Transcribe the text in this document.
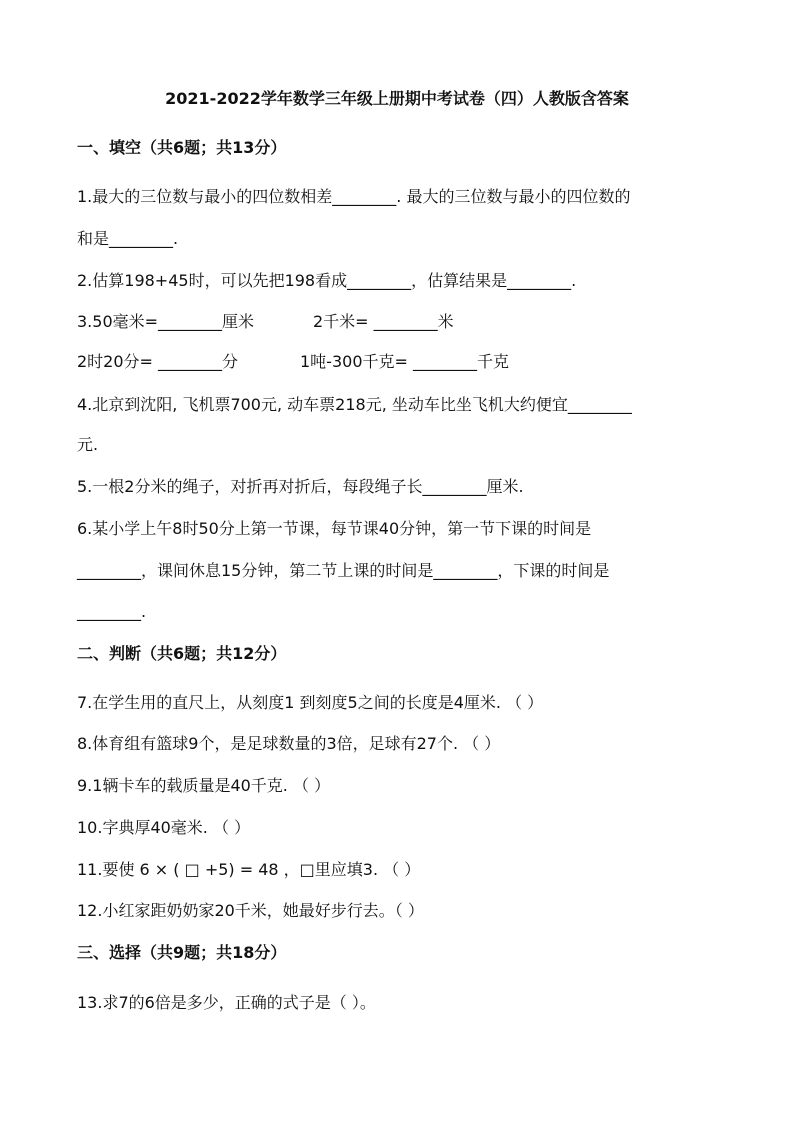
2021-2022学年数学三年级上册期中考试卷（四）人教版含答案
一、填空（共6题；共13分）
1.最大的三位数与最小的四位数相差________. 最大的三位数与最小的四位数的
和是________.
2.估算198+45时，可以先把198看成________，估算结果是________.
3.50毫米=________厘米	2千米= ________米
2时20分= ________分	1吨-300千克= ________千克
4.北京到沈阳, 飞机票700元, 动车票218元, 坐动车比坐飞机大约便宜________
元.
5.一根2分米的绳子，对折再对折后，每段绳子长________厘米.
6.某小学上午8时50分上第一节课，每节课40分钟，第一节下课的时间是
________，课间休息15分钟，第二节上课的时间是________，下课的时间是
________.
二、判断（共6题；共12分）
7.在学生用的直尺上，从刻度1 到刻度5之间的长度是4厘米. （ ）
8.体育组有篮球9个，是足球数量的3倍，足球有27个. （ ）
9.1辆卡车的载质量是40千克. （ ）
10.字典厚40毫米. （ ）
11.要使 6 × ( □ +5) = 48 ，□里应填3. （ ）
12.小红家距奶奶家20千米，她最好步行去。（ ）
三、选择（共9题；共18分）
13.求7的6倍是多少，正确的式子是（ ）。
